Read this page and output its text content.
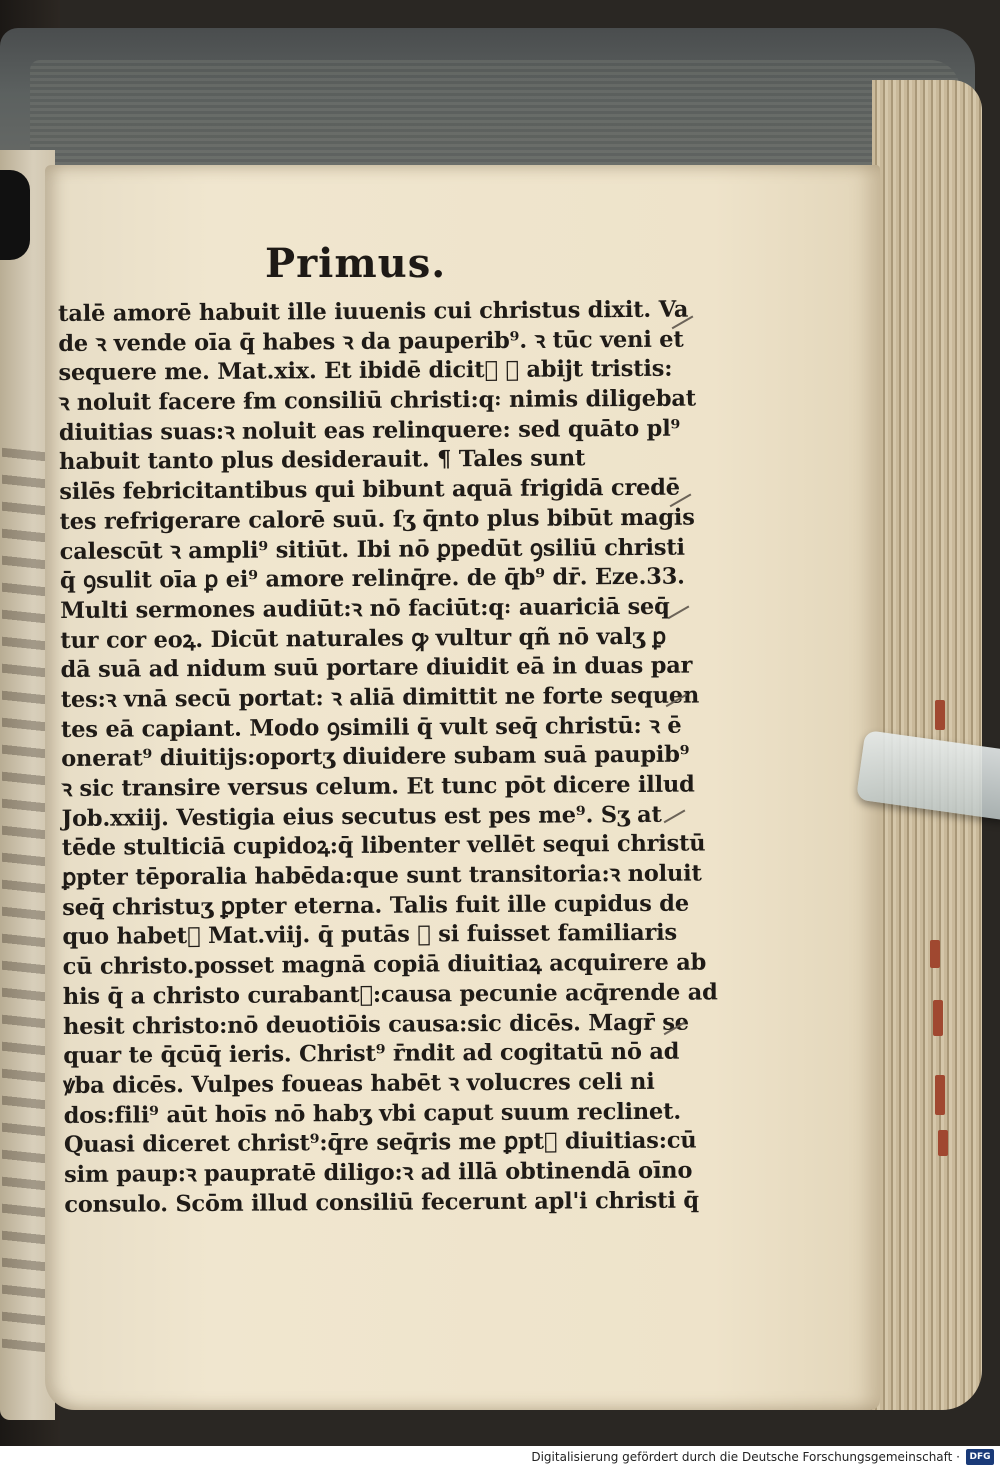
Primus.
talē amorē habuit ille iuuenis cui christus dixit. Va
de ꝛ vende oīa q̄ habes ꝛ da pauperib⁹. ꝛ tūc veni et
sequere me. Mat.xix. Et ibidē dicit᷑ ꝙ abijt tristis:
ꝛ noluit facere ẜm consiliū christi:q꞉ nimis diligebat
diuitias suas:ꝛ noluit eas relinquere: sed quāto pl⁹
habuit tanto plus desiderauit. ¶ Tales sunt
silēs febricitantibus qui bibunt aquā frigidā credē
tes refrigerare calorē suū. ſʒ q̄nto plus bibūt magis
calescūt ꝛ ampli⁹ sitiūt. Ibi nō ꝑpedūt ꝯsiliū christi
q̄ ꝯsulit oīa ꝑ ei⁹ amore relinq̄re. de q̄b⁹ dr̄. Eze.33.
Multi sermones audiūt:ꝛ nō faciūt:q꞉ auariciā seq̄
tur cor eoꝝ. Dicūt naturales ꝙ vultur qñ nō valʒ ꝑ
dā suā ad nidum suū portare diuidit eā in duas par
tes:ꝛ vnā secū portat: ꝛ aliā dimittit ne forte sequen
tes eā capiant. Modo ꝯsimili q̄ vult seq̄ christū: ꝛ ē
onerat⁹ diuitijs:oportʒ diuidere subam suā paupib⁹
ꝛ sic transire versus celum. Et tunc pōt dicere illud
Job.xxiij. Vestigia eius secutus est pes me⁹. Sʒ at
tēde stulticiā cupidoꝝ:q̄ libenter vellēt sequi christū
ꝑpter tēporalia habēda:que sunt transitoria:ꝛ noluit
seq̄ christuʒ ꝑpter eterna. Talis fuit ille cupidus de
quo habet᷑ Mat.viij. q̄ putās ꝙ si fuisset familiaris
cū christo.posset magnā copiā diuitiaꝝ acquirere ab
his q̄ a christo curabant᷑:causa pecunie acq̄rende ad
hesit christo:nō deuotiōis causa:sic dicēs. Magr̄ se
quar te q̄cūq̄ ieris. Christ⁹ r̄ndit ad cogitatū nō ad
ꝟba dicēs. Vulpes foueas habēt ꝛ volucres celi ni
dos:fili⁹ aūt hoīs nō habʒ vbi caput suum reclinet.
Quasi diceret christ⁹:q̄re seq̄ris me ꝑpt᷑ diuitias:cū
sim paup:ꝛ paupratē diligo:ꝛ ad illā obtinendā oīno
consulo. Scōm illud consiliū fecerunt apl'i christi q̄
Digitalisierung gefördert durch die Deutsche Forschungsgemeinschaft ·	DFG
